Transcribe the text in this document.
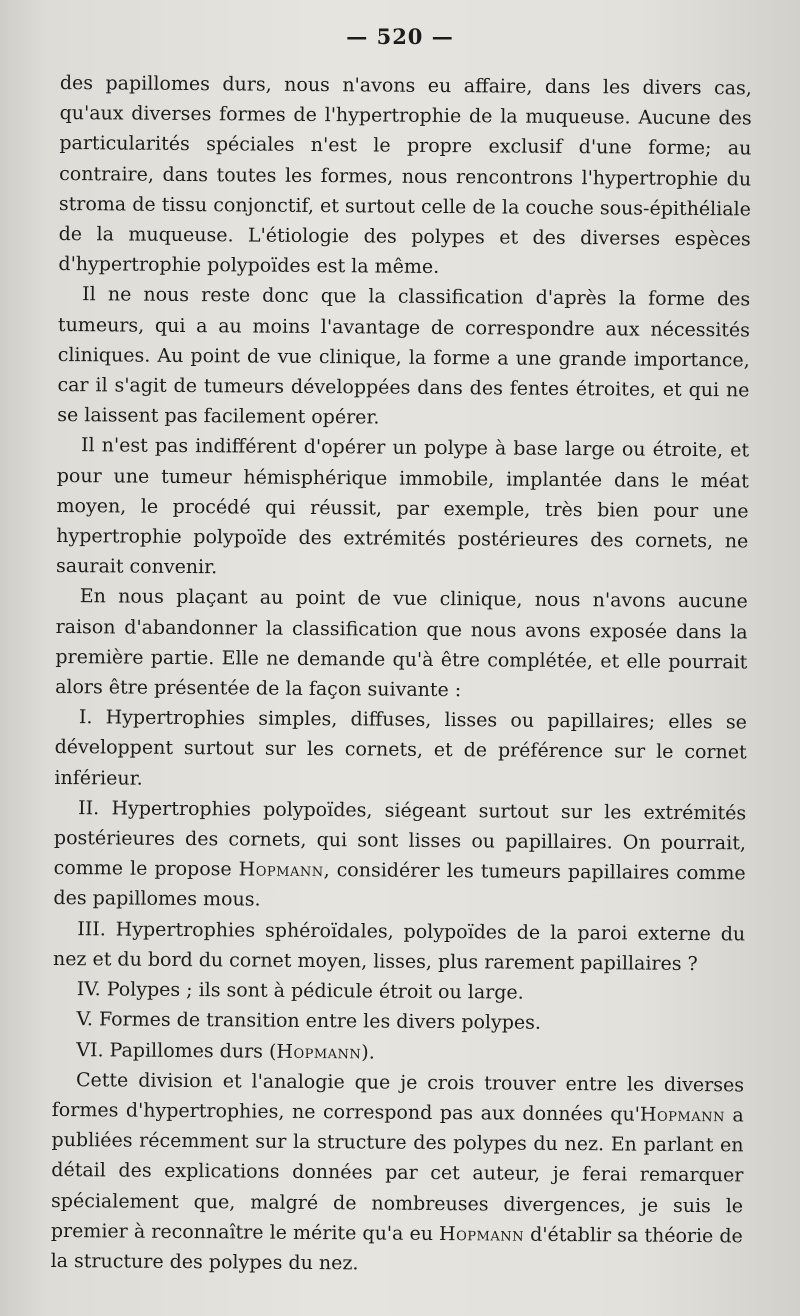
— 520 —

des papillomes durs, nous n'avons eu affaire, dans les divers cas, qu'aux diverses formes de l'hypertrophie de la muqueuse. Aucune des particularités spéciales n'est le propre exclusif d'une forme; au contraire, dans toutes les formes, nous rencontrons l'hypertrophie du stroma de tissu conjonctif, et surtout celle de la couche sous-épithéliale de la muqueuse. L'étiologie des polypes et des diverses espèces d'hypertrophie polypoïdes est la même.

Il ne nous reste donc que la classification d'après la forme des tumeurs, qui a au moins l'avantage de correspondre aux nécessités cliniques. Au point de vue clinique, la forme a une grande importance, car il s'agit de tumeurs développées dans des fentes étroites, et qui ne se laissent pas facilement opérer.

Il n'est pas indifférent d'opérer un polype à base large ou étroite, et pour une tumeur hémisphérique immobile, implantée dans le méat moyen, le procédé qui réussit, par exemple, très bien pour une hypertrophie polypoïde des extrémités postérieures des cornets, ne saurait convenir.

En nous plaçant au point de vue clinique, nous n'avons aucune raison d'abandonner la classification que nous avons exposée dans la première partie. Elle ne demande qu'à être complétée, et elle pourrait alors être présentée de la façon suivante :

I. Hypertrophies simples, diffuses, lisses ou papillaires; elles se développent surtout sur les cornets, et de préférence sur le cornet inférieur.

II. Hypertrophies polypoïdes, siégeant surtout sur les extrémités postérieures des cornets, qui sont lisses ou papillaires. On pourrait, comme le propose Hopmann, considérer les tumeurs papillaires comme des papillomes mous.

III. Hypertrophies sphéroïdales, polypoïdes de la paroi externe du nez et du bord du cornet moyen, lisses, plus rarement papillaires ?

IV. Polypes ; ils sont à pédicule étroit ou large.

V. Formes de transition entre les divers polypes.

VI. Papillomes durs (Hopmann).

Cette division et l'analogie que je crois trouver entre les diverses formes d'hypertrophies, ne correspond pas aux données qu'Hopmann a publiées récemment sur la structure des polypes du nez. En parlant en détail des explications données par cet auteur, je ferai remarquer spécialement que, malgré de nombreuses divergences, je suis le premier à reconnaître le mérite qu'a eu Hopmann d'établir sa théorie de la structure des polypes du nez.
